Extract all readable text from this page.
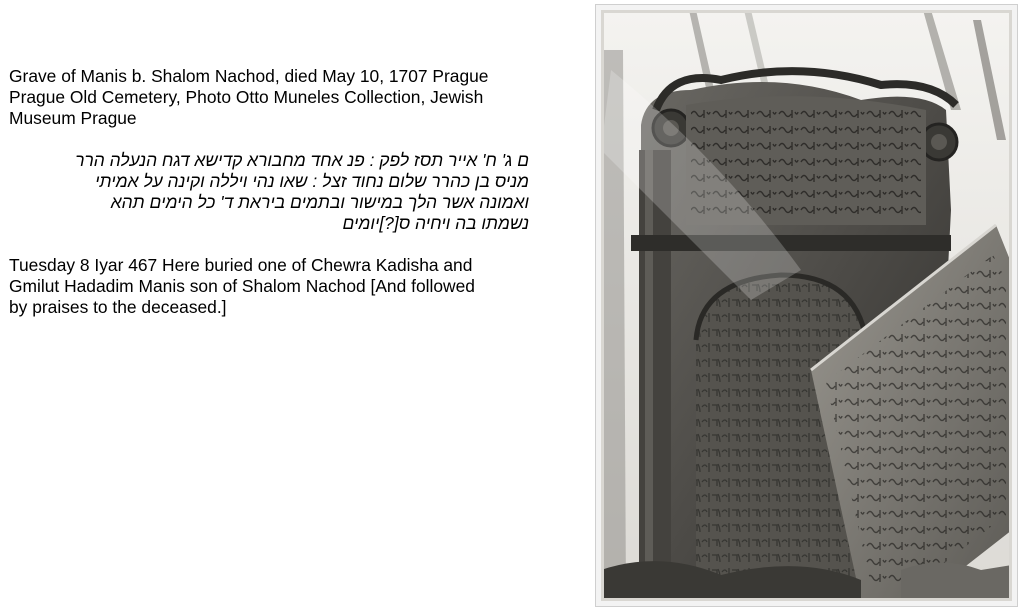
Grave of Manis b. Shalom Nachod, died May 10, 1707 Prague
Prague Old Cemetery, Photo Otto Muneles Collection, Jewish
Museum Prague

ם ג' ח' אייר תסז לפק : פנ אחד מחבורא קדישא דגח הנעלה הרר
מניס בן כהרר שלום נחוד זצל : שאו נהי ויללה וקינה על אמיתי
ואמונה אשר הלך במישור ובתמים ביראת ד' כל הימים תהא
נשמתו בה ויחיה ס[?]יומים

Tuesday 8 Iyar 467 Here buried one of Chewra Kadisha and
Gmilut Hadadim Manis son of Shalom Nachod [And followed
by praises to the deceased.]
